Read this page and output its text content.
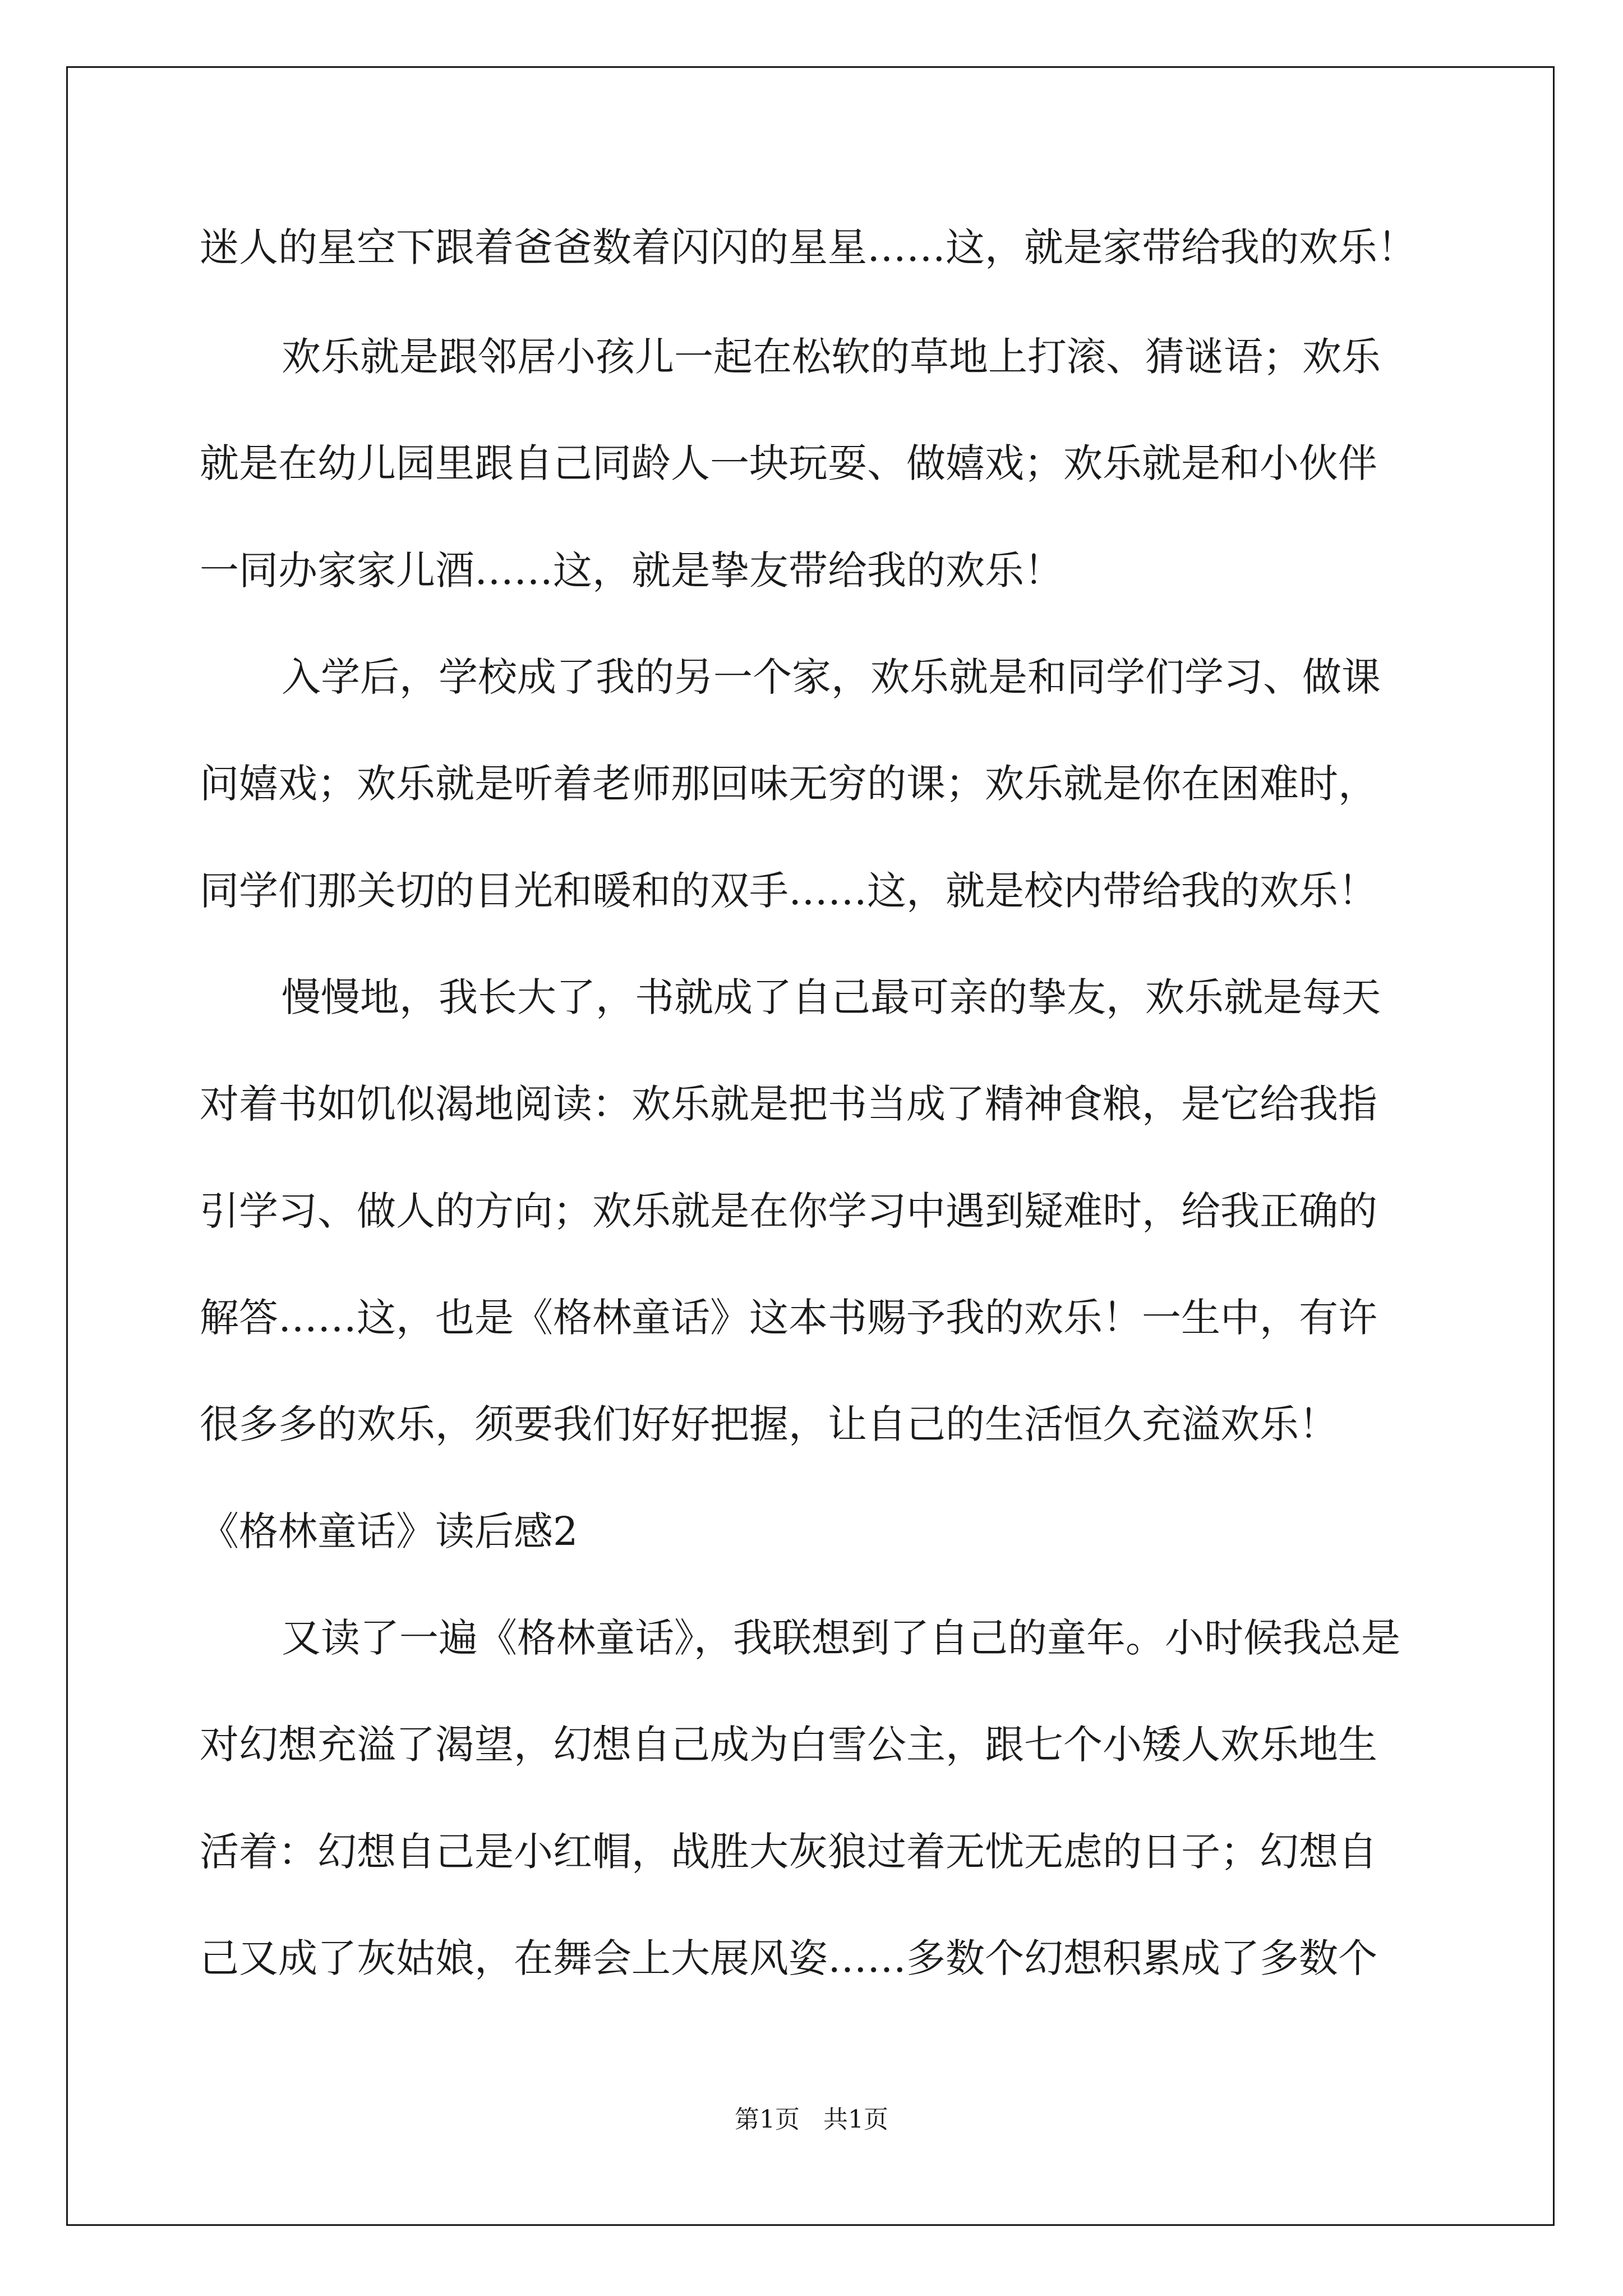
迷人的星空下跟着爸爸数着闪闪的星星……这，就是家带给我的欢乐！

欢乐就是跟邻居小孩儿一起在松软的草地上打滚、猜谜语；欢乐

就是在幼儿园里跟自己同龄人一块玩耍、做嬉戏；欢乐就是和小伙伴

一同办家家儿酒……这，就是挚友带给我的欢乐！

入学后，学校成了我的另一个家，欢乐就是和同学们学习、做课

问嬉戏；欢乐就是听着老师那回味无穷的课；欢乐就是你在困难时，

同学们那关切的目光和暖和的双手……这，就是校内带给我的欢乐！

慢慢地，我长大了，书就成了自己最可亲的挚友，欢乐就是每天

对着书如饥似渴地阅读：欢乐就是把书当成了精神食粮，是它给我指

引学习、做人的方向；欢乐就是在你学习中遇到疑难时，给我正确的

解答……这，也是《格林童话》这本书赐予我的欢乐！一生中，有许

很多多的欢乐，须要我们好好把握，让自己的生活恒久充溢欢乐！

《格林童话》读后感2

又读了一遍《格林童话》，我联想到了自己的童年。小时候我总是

对幻想充溢了渴望，幻想自己成为白雪公主，跟七个小矮人欢乐地生

活着：幻想自己是小红帽，战胜大灰狼过着无忧无虑的日子；幻想自

己又成了灰姑娘，在舞会上大展风姿……多数个幻想积累成了多数个

第1页   共1页
